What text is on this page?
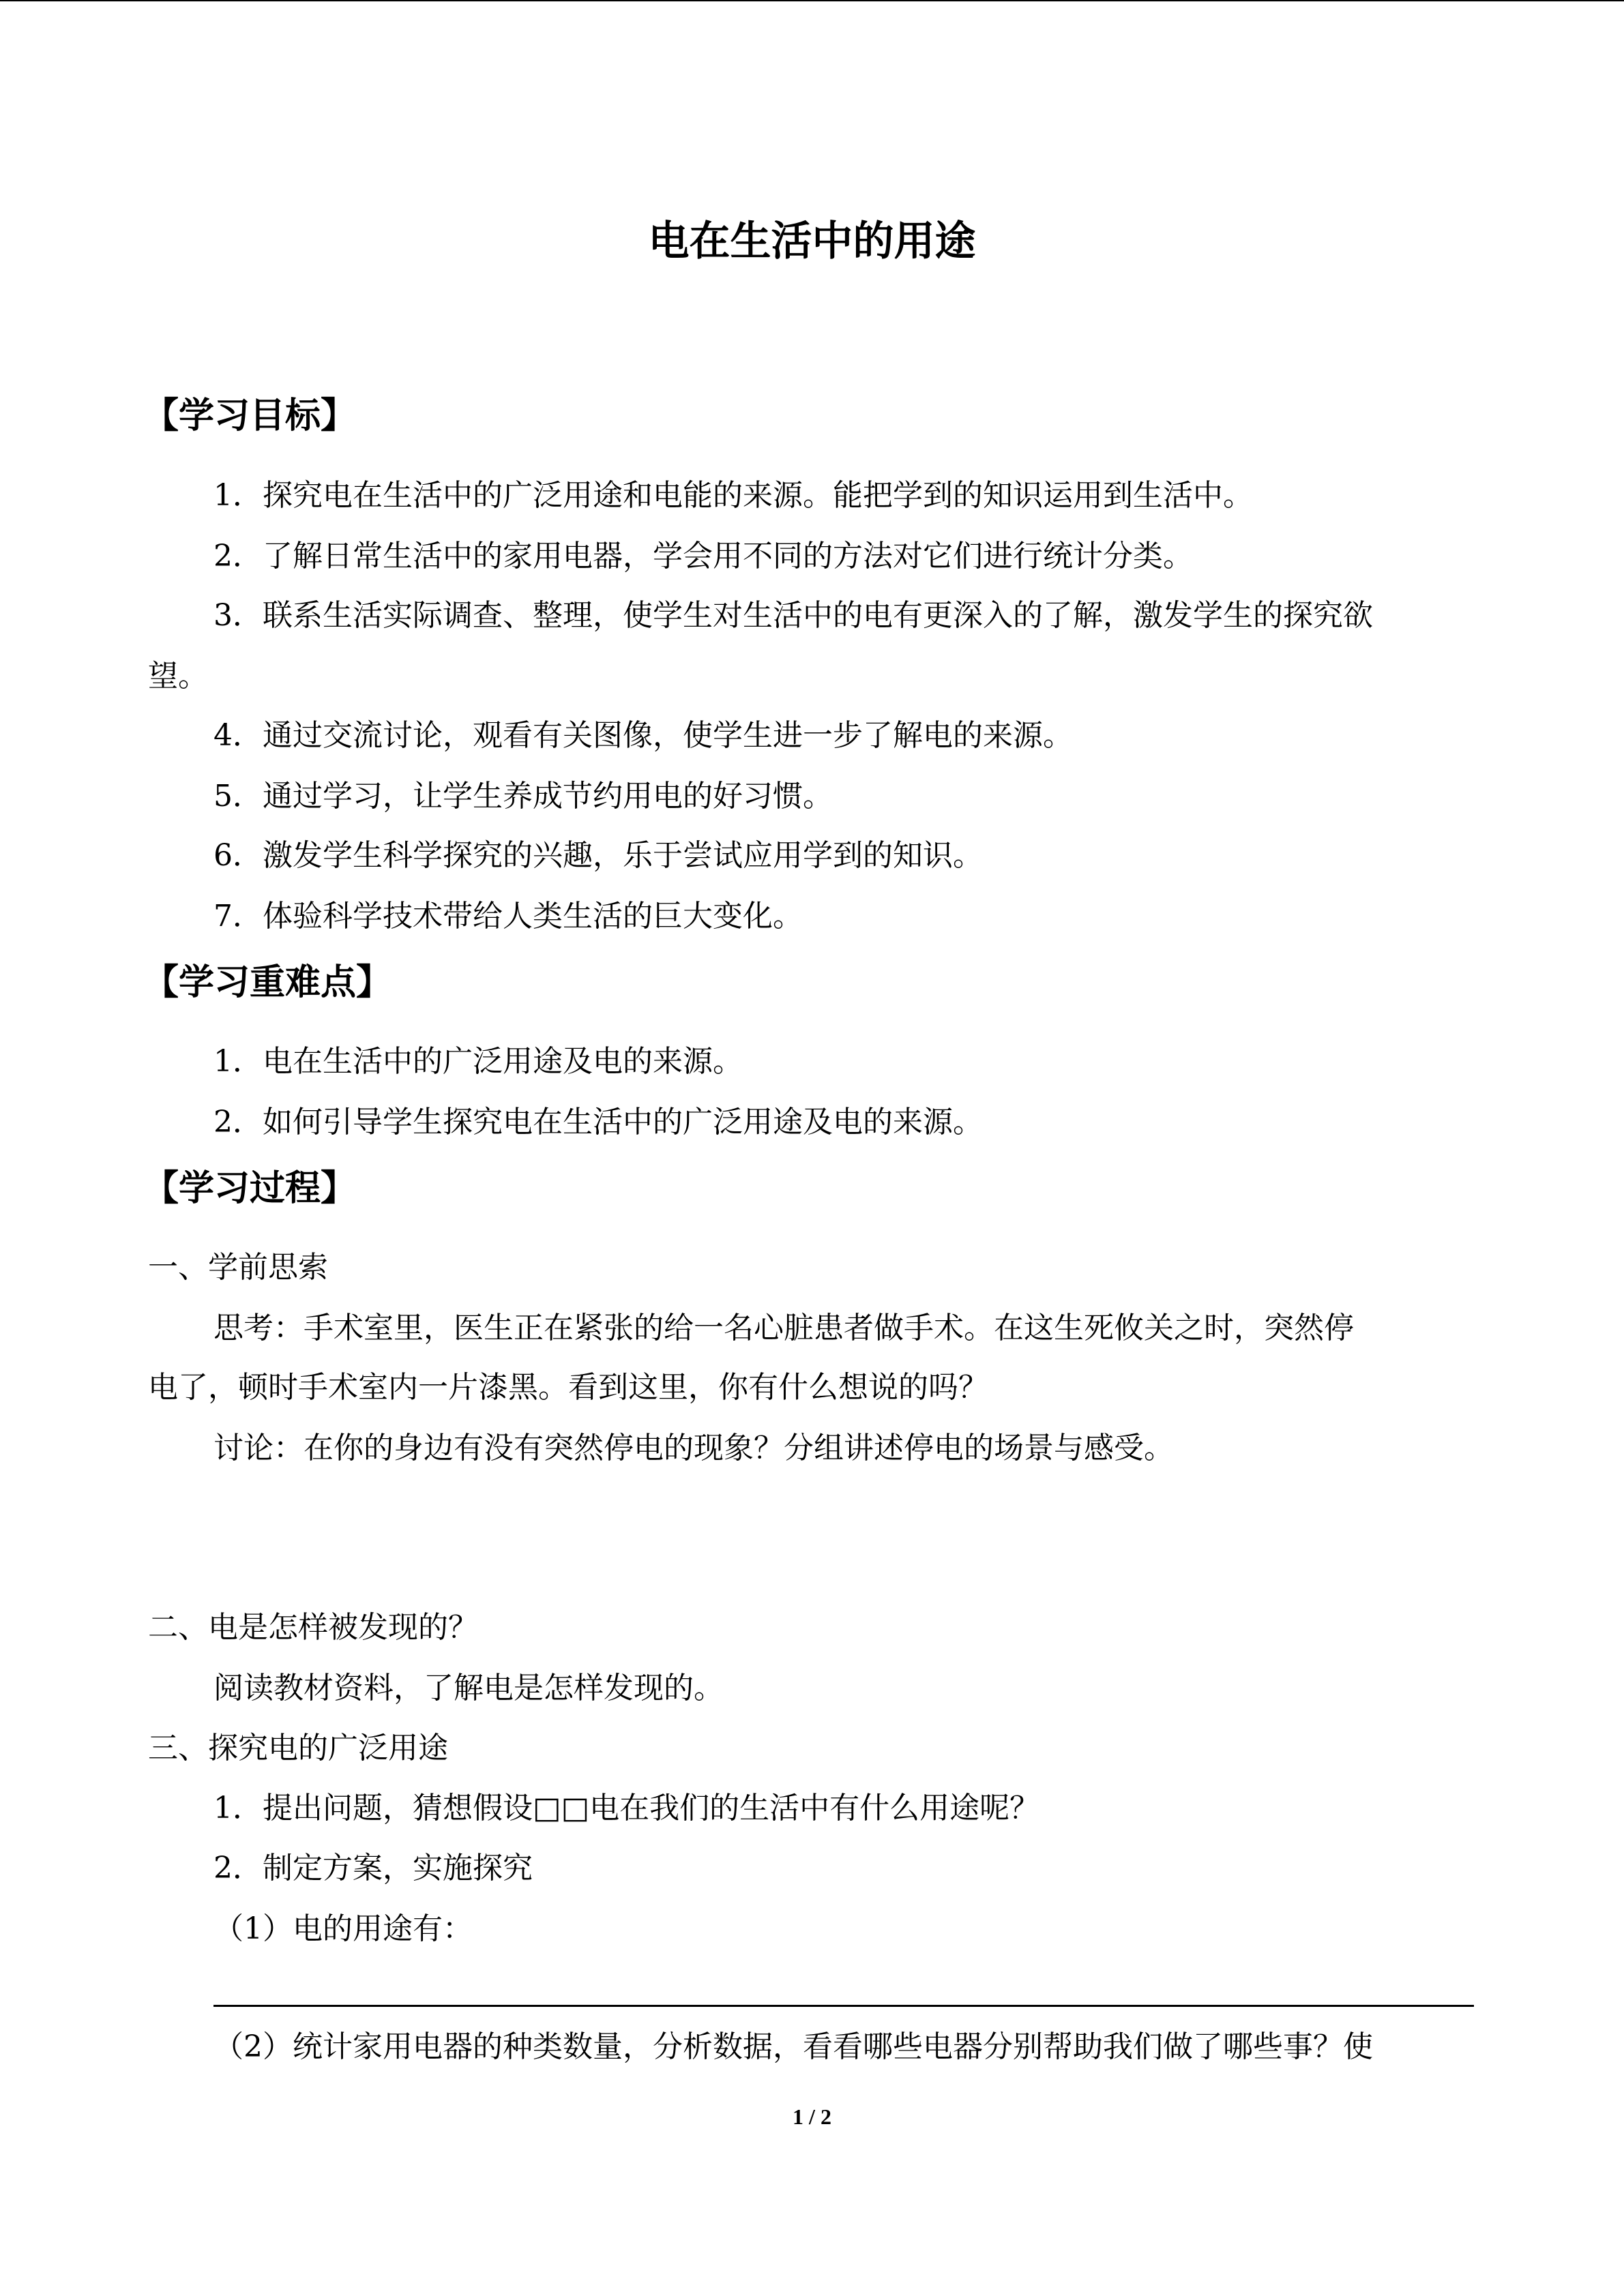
电在生活中的用途
【学习目标】
1．探究电在生活中的广泛用途和电能的来源。能把学到的知识运用到生活中。
2．了解日常生活中的家用电器，学会用不同的方法对它们进行统计分类。
3．联系生活实际调查、整理，使学生对生活中的电有更深入的了解，激发学生的探究欲
望。
4．通过交流讨论，观看有关图像，使学生进一步了解电的来源。
5．通过学习，让学生养成节约用电的好习惯。
6．激发学生科学探究的兴趣，乐于尝试应用学到的知识。
7．体验科学技术带给人类生活的巨大变化。
【学习重难点】
1．电在生活中的广泛用途及电的来源。
2．如何引导学生探究电在生活中的广泛用途及电的来源。
【学习过程】
一、学前思索
思考：手术室里，医生正在紧张的给一名心脏患者做手术。在这生死攸关之时，突然停
电了，顿时手术室内一片漆黑。看到这里，你有什么想说的吗？
讨论：在你的身边有没有突然停电的现象？分组讲述停电的场景与感受。
二、电是怎样被发现的？
阅读教材资料，了解电是怎样发现的。
三、探究电的广泛用途
1．提出问题，猜想假设□□电在我们的生活中有什么用途呢？
2．制定方案，实施探究
（1）电的用途有：
（2）统计家用电器的种类数量，分析数据，看看哪些电器分别帮助我们做了哪些事？使
1 / 2
